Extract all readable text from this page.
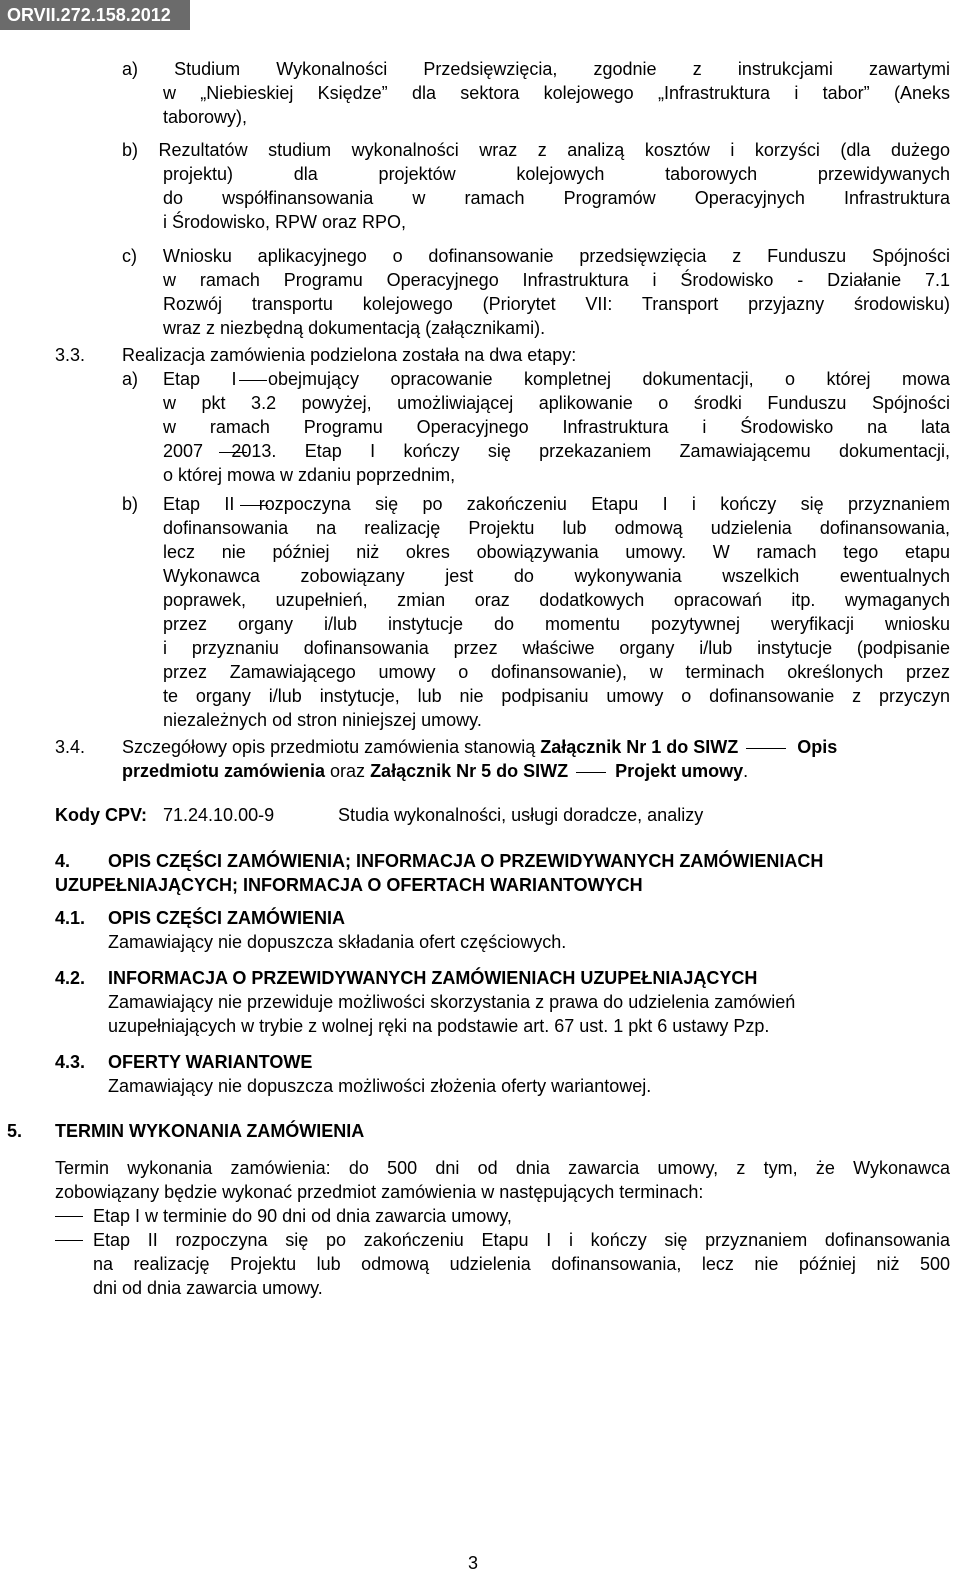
ORVII.272.158.2012
a) Studium Wykonalności Przedsięwzięcia, zgodnie z instrukcjami zawartymi
w „Niebieskiej Księdze” dla sektora kolejowego „Infrastruktura i tabor” (Aneks
taborowy),
b) Rezultatów studium wykonalności wraz z analizą kosztów i korzyści (dla dużego
projektu) dla projektów kolejowych taborowych przewidywanych
do współfinansowania w ramach Programów Operacyjnych Infrastruktura
i Środowisko, RPW oraz RPO,
c) Wniosku aplikacyjnego o dofinansowanie przedsięwzięcia z Funduszu Spójności
w ramach Programu Operacyjnego Infrastruktura i Środowisko - Działanie 7.1
Rozwój transportu kolejowego (Priorytet VII: Transport przyjazny środowisku)
wraz z niezbędną dokumentacją (załącznikami).
3.3. Realizacja zamówienia podzielona została na dwa etapy:
a) Etap I obejmujący opracowanie kompletnej dokumentacji, o której mowa
w pkt 3.2 powyżej, umożliwiającej aplikowanie o środki Funduszu Spójności
w ramach Programu Operacyjnego Infrastruktura i Środowisko na lata
2007 2013. Etap I kończy się przekazaniem Zamawiającemu dokumentacji,
o której mowa w zdaniu poprzednim,
b) Etap II rozpoczyna się po zakończeniu Etapu I i kończy się przyznaniem
dofinansowania na realizację Projektu lub odmową udzielenia dofinansowania,
lecz nie później niż okres obowiązywania umowy. W ramach tego etapu
Wykonawca zobowiązany jest do wykonywania wszelkich ewentualnych
poprawek, uzupełnień, zmian oraz dodatkowych opracowań itp. wymaganych
przez organy i/lub instytucje do momentu pozytywnej weryfikacji wniosku
i przyznaniu dofinansowania przez właściwe organy i/lub instytucje (podpisanie
przez Zamawiającego umowy o dofinansowanie), w terminach określonych przez
te organy i/lub instytucje, lub nie podpisaniu umowy o dofinansowanie z przyczyn
niezależnych od stron niniejszej umowy.
3.4. Szczegółowy opis przedmiotu zamówienia stanowią Załącznik Nr 1 do SIWZ	Opis
przedmiotu zamówienia oraz Załącznik Nr 5 do SIWZ Projekt umowy.
Kody CPV: 71.24.10.00-9	Studia wykonalności, usługi doradcze, analizy
4. OPIS CZĘŚCI ZAMÓWIENIA; INFORMACJA O PRZEWIDYWANYCH ZAMÓWIENIACH
UZUPEŁNIAJĄCYCH; INFORMACJA O OFERTACH WARIANTOWYCH
4.1. OPIS CZĘŚCI ZAMÓWIENIA
Zamawiający nie dopuszcza składania ofert częściowych.
4.2. INFORMACJA O PRZEWIDYWANYCH ZAMÓWIENIACH UZUPEŁNIAJĄCYCH
Zamawiający nie przewiduje możliwości skorzystania z prawa do udzielenia zamówień
uzupełniających w trybie z wolnej ręki na podstawie art. 67 ust. 1 pkt 6 ustawy Pzp.
4.3. OFERTY WARIANTOWE
Zamawiający nie dopuszcza możliwości złożenia oferty wariantowej.
5. TERMIN WYKONANIA ZAMÓWIENIA
Termin wykonania zamówienia: do 500 dni od dnia zawarcia umowy, z tym, że Wykonawca
zobowiązany będzie wykonać przedmiot zamówienia w następujących terminach:
Etap I w terminie do 90 dni od dnia zawarcia umowy,
Etap II rozpoczyna się po zakończeniu Etapu I i kończy się przyznaniem dofinansowania
na realizację Projektu lub odmową udzielenia dofinansowania, lecz nie później niż 500
dni od dnia zawarcia umowy.
3
